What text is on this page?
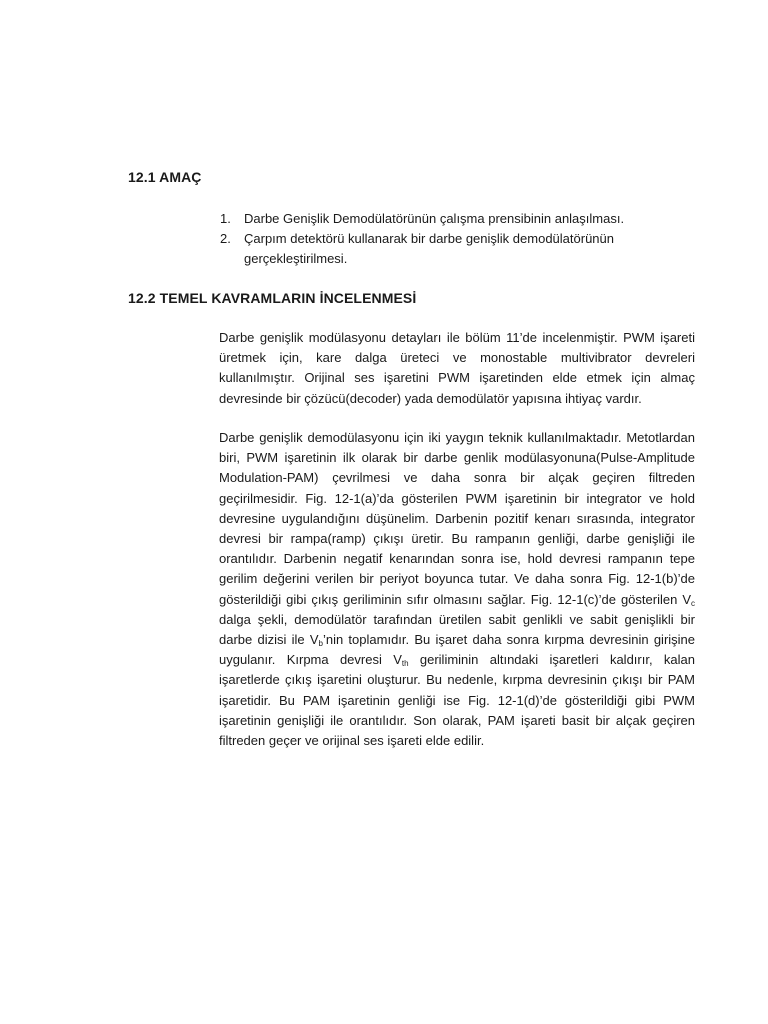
12.1 AMAÇ
1. Darbe Genişlik Demodülatörünün çalışma prensibinin anlaşılması.
2. Çarpım detektörü kullanarak bir darbe genişlik demodülatörünün gerçekleştirilmesi.
12.2 TEMEL KAVRAMLARIN İNCELENMESİ

Darbe genişlik modülasyonu detayları ile bölüm 11’de incelenmiştir. PWM işareti üretmek için, kare dalga üreteci ve monostable multivibrator devreleri kullanılmıştır. Orijinal ses işaretini PWM işaretinden elde etmek için almaç devresinde bir çözücü(decoder) yada demodülatör yapısına ihtiyaç vardır.

Darbe genişlik demodülasyonu için iki yaygın teknik kullanılmaktadır. Metotlardan biri, PWM işaretinin ilk olarak bir darbe genlik modülasyonuna(Pulse-Amplitude Modulation-PAM) çevrilmesi ve daha sonra bir alçak geçiren filtreden geçirilmesidir. Fig. 12-1(a)’da gösterilen PWM işaretinin bir integrator ve hold devresine uygulandığını düşünelim. Darbenin pozitif kenarı sırasında, integrator devresi bir rampa(ramp) çıkışı üretir. Bu rampanın genliği, darbe genişliği ile orantılıdır. Darbenin negatif kenarından sonra ise, hold devresi rampanın tepe gerilim değerini verilen bir periyot boyunca tutar. Ve daha sonra Fig. 12-1(b)’de gösterildiği gibi çıkış geriliminin sıfır olmasını sağlar. Fig. 12-1(c)’de gösterilen $V_c$ dalga şekli, demodülatör tarafından üretilen sabit genlikli ve sabit genişlikli bir darbe dizisi ile $V_b’nin$ toplamıdır. Bu işaret daha sonra kırpma devresinin girişine uygulanır. Kırpma devresi $V_{th}$ geriliminin altındaki işaretleri kaldırır, kalan işaretlerde çıkış işaretini oluşturur. Bu nedenle, kırpma devresinin çıkışı bir PAM işaretidir. Bu PAM işaretinin genliği ise Fig. 12-1(d)’de gösterildiği gibi PWM işaretinin genişliği ile orantılıdır. Son olarak, PAM işareti basit bir alçak geçiren filtreden geçer ve orijinal ses işareti elde edilir.
